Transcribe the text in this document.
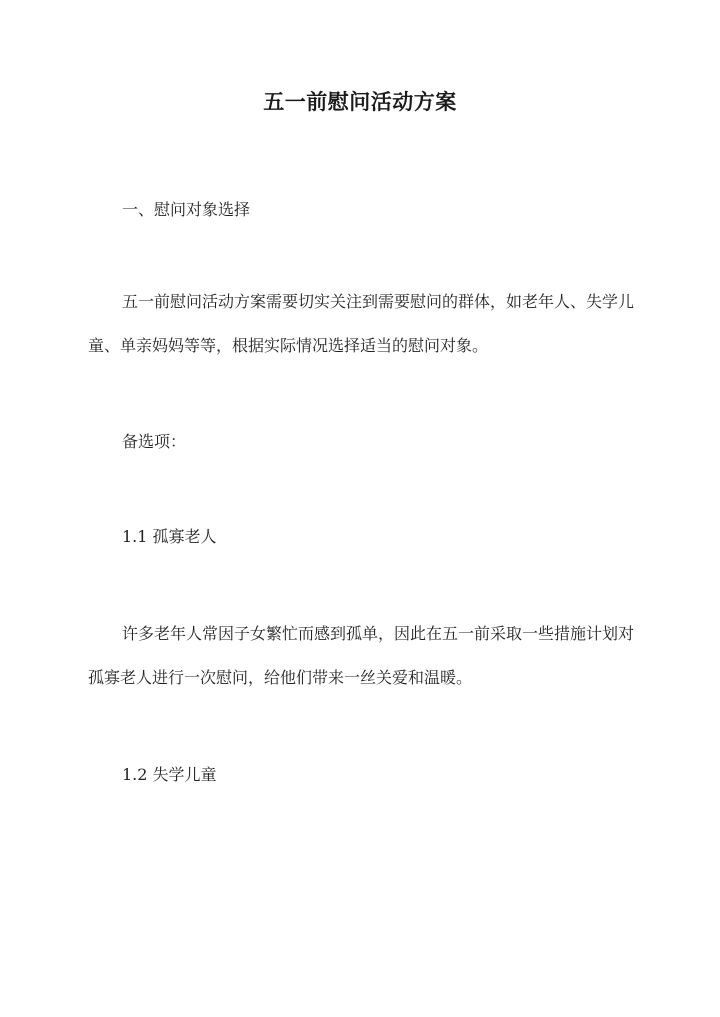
五一前慰问活动方案
一、慰问对象选择
五一前慰问活动方案需要切实关注到需要慰问的群体，如老年人、失学儿童、单亲妈妈等等，根据实际情况选择适当的慰问对象。
备选项：
1.1 孤寡老人
许多老年人常因子女繁忙而感到孤单，因此在五一前采取一些措施计划对孤寡老人进行一次慰问，给他们带来一丝关爱和温暖。
1.2 失学儿童
